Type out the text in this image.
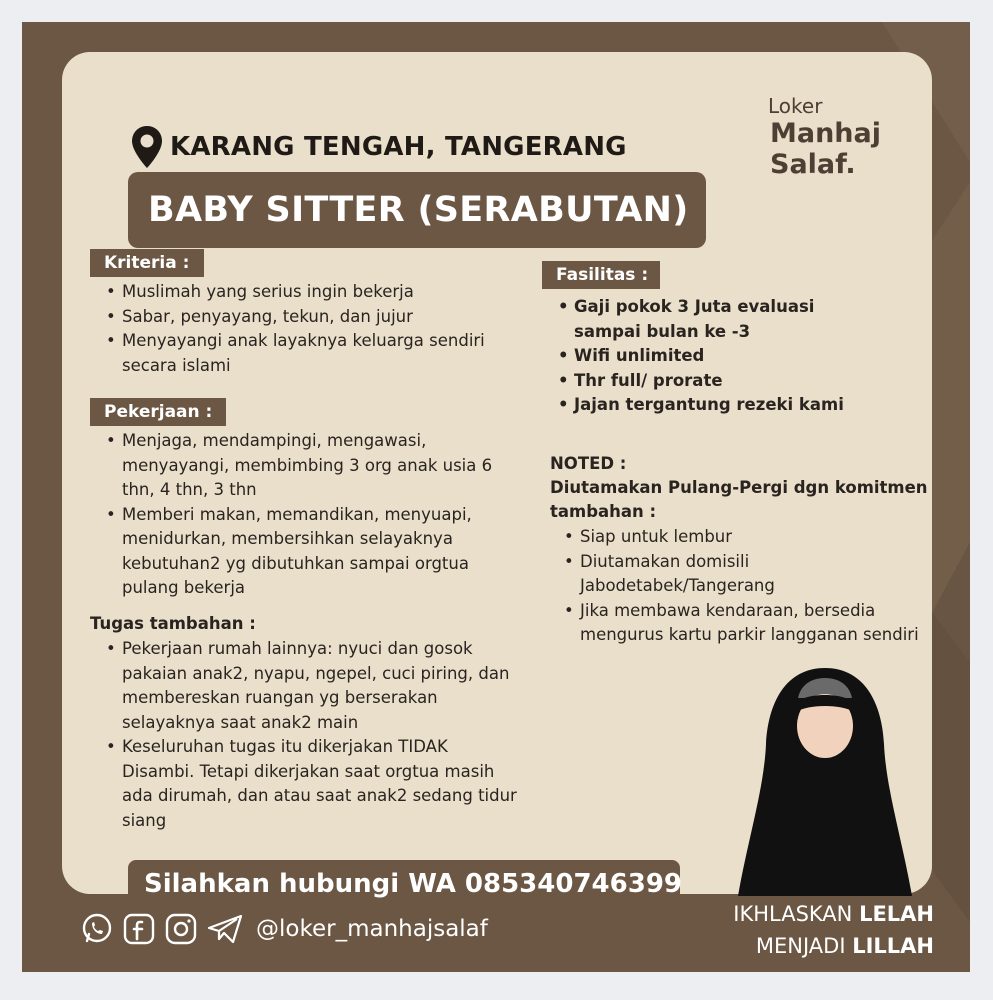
Loker
Manhaj Salaf.
KARANG TENGAH, TANGERANG
BABY SITTER (SERABUTAN)
Kriteria :
• Muslimah yang serius ingin bekerja
• Sabar, penyayang, tekun, dan jujur
• Menyayangi anak layaknya keluarga sendiri secara islami
Pekerjaan :
• Menjaga, mendampingi, mengawasi, menyayangi, membimbing 3 org anak usia 6 thn, 4 thn, 3 thn
• Memberi makan, memandikan, menyuapi, menidurkan, membersihkan selayaknya kebutuhan2 yg dibutuhkan sampai orgtua pulang bekerja
Tugas tambahan :
• Pekerjaan rumah lainnya: nyuci dan gosok pakaian anak2, nyapu, ngepel, cuci piring, dan membereskan ruangan yg berserakan selayaknya saat anak2 main
• Keseluruhan tugas itu dikerjakan TIDAK Disambi. Tetapi dikerjakan saat orgtua masih ada dirumah, dan atau saat anak2 sedang tidur siang
Fasilitas :
• Gaji pokok 3 Juta evaluasi sampai bulan ke -3
• Wifi unlimited
• Thr full/ prorate
• Jajan tergantung rezeki kami
NOTED :
Diutamakan Pulang-Pergi dgn komitmen tambahan :
• Siap untuk lembur
• Diutamakan domisili Jabodetabek/Tangerang
• Jika membawa kendaraan, bersedia mengurus kartu parkir langganan sendiri
Silahkan hubungi WA 085340746399
@loker_manhajsalaf
IKHLASKAN LELAH
MENJADI LILLAH
